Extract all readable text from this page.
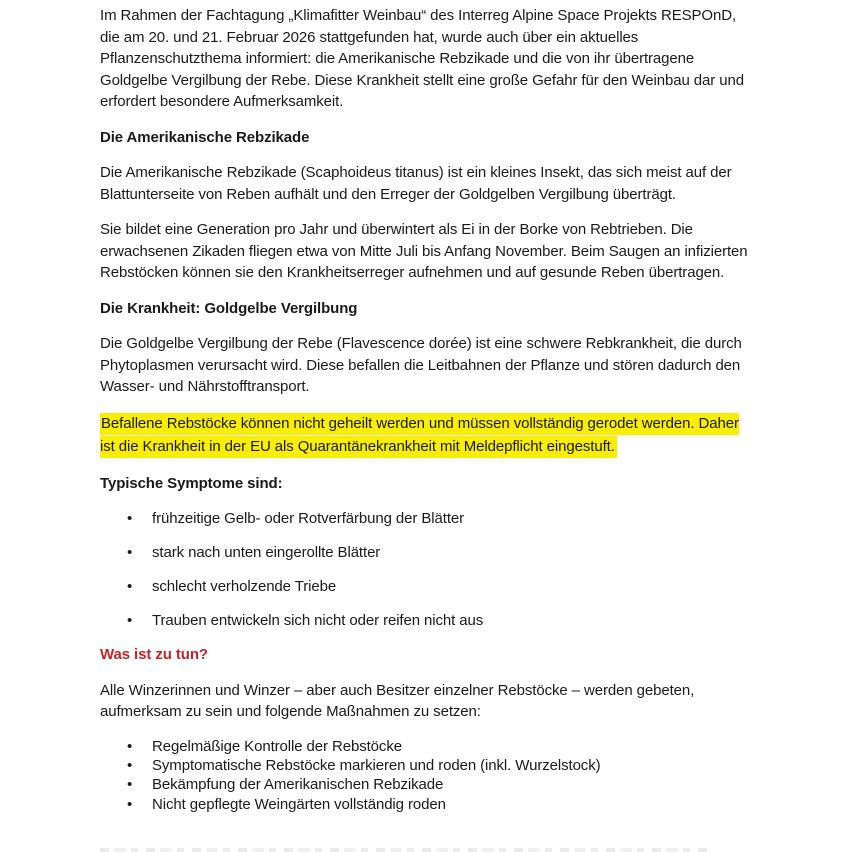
Im Rahmen der Fachtagung „Klimafitter Weinbau“ des Interreg Alpine Space Projekts RESPOnD, die am 20. und 21. Februar 2026 stattgefunden hat, wurde auch über ein aktuelles Pflanzenschutzthema informiert: die Amerikanische Rebzikade und die von ihr übertragene Goldgelbe Vergilbung der Rebe. Diese Krankheit stellt eine große Gefahr für den Weinbau dar und erfordert besondere Aufmerksamkeit.

Die Amerikanische Rebzikade

Die Amerikanische Rebzikade (Scaphoideus titanus) ist ein kleines Insekt, das sich meist auf der Blattunterseite von Reben aufhält und den Erreger der Goldgelben Vergilbung überträgt.

Sie bildet eine Generation pro Jahr und überwintert als Ei in der Borke von Rebtrieben. Die erwachsenen Zikaden fliegen etwa von Mitte Juli bis Anfang November. Beim Saugen an infizierten Rebstöcken können sie den Krankheitserreger aufnehmen und auf gesunde Reben übertragen.

Die Krankheit: Goldgelbe Vergilbung

Die Goldgelbe Vergilbung der Rebe (Flavescence dorée) ist eine schwere Rebkrankheit, die durch Phytoplasmen verursacht wird. Diese befallen die Leitbahnen der Pflanze und stören dadurch den Wasser- und Nährstofftransport.

Befallene Rebstöcke können nicht geheilt werden und müssen vollständig gerodet werden. Daher ist die Krankheit in der EU als Quarantänekrankheit mit Meldepflicht eingestuft.

Typische Symptome sind:

• frühzeitige Gelb- oder Rotverfärbung der Blätter
• stark nach unten eingerollte Blätter
• schlecht verholzende Triebe
• Trauben entwickeln sich nicht oder reifen nicht aus

Was ist zu tun?

Alle Winzerinnen und Winzer – aber auch Besitzer einzelner Rebstöcke – werden gebeten, aufmerksam zu sein und folgende Maßnahmen zu setzen:

• Regelmäßige Kontrolle der Rebstöcke
• Symptomatische Rebstöcke markieren und roden (inkl. Wurzelstock)
• Bekämpfung der Amerikanischen Rebzikade
• Nicht gepflegte Weingärten vollständig roden
